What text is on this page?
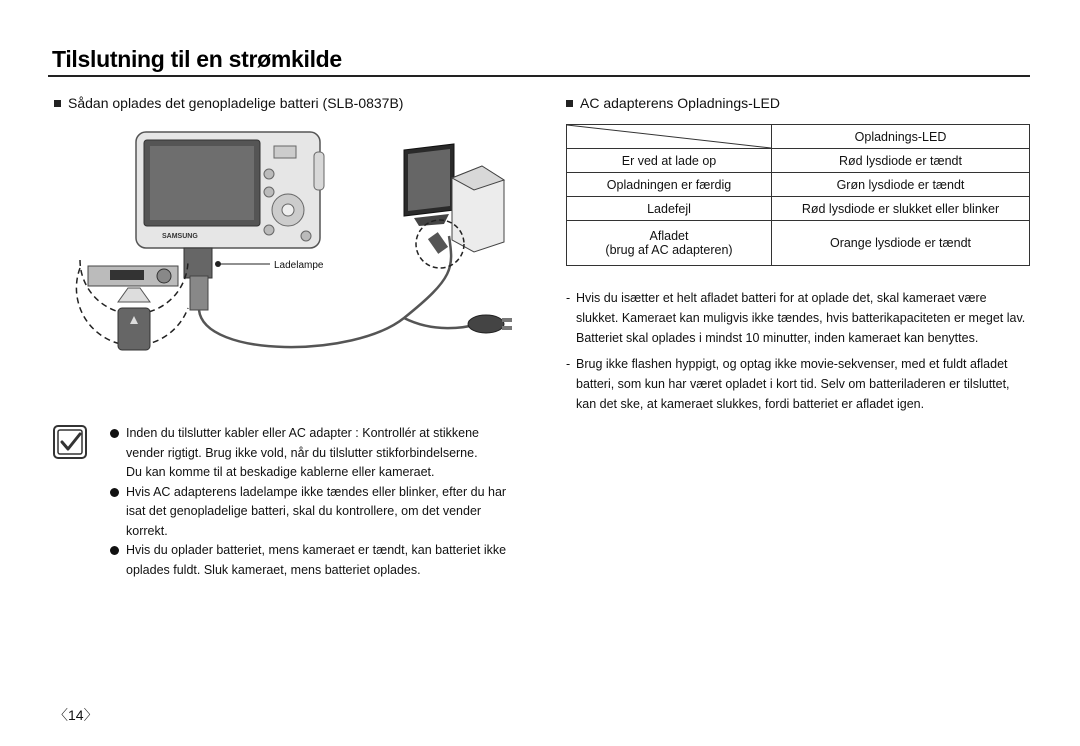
Tilslutning til en strømkilde
Sådan oplades det genopladelige batteri (SLB-0837B)
SAMSUNG
Ladelampe
AC adapterens Opladnings-LED
	Opladnings-LED
Er ved at lade op	Rød lysdiode er tændt
Opladningen er færdig	Grøn lysdiode er tændt
Ladefejl	Rød lysdiode er slukket eller blinker

Afladet
(brug af AC adapteren)	Orange lysdiode er tændt
- Hvis du isætter et helt afladet batteri for at oplade det, skal kameraet være slukket. Kameraet kan muligvis ikke tændes, hvis batterikapaciteten er meget lav. Batteriet skal oplades i mindst 10 minutter, inden kameraet kan benyttes.
- Brug ikke flashen hyppigt, og optag ikke movie-sekvenser, med et fuldt afladet batteri, som kun har været opladet i kort tid. Selv om batteriladeren er tilsluttet, kan det ske, at kameraet slukkes, fordi batteriet er afladet igen.
Inden du tilslutter kabler eller AC adapter : Kontrollér at stikkene vender rigtigt. Brug ikke vold, når du tilslutter stikforbindelserne.
Du kan komme til at beskadige kablerne eller kameraet.
Hvis AC adapterens ladelampe ikke tændes eller blinker, efter du har isat det genopladelige batteri, skal du kontrollere, om det vender korrekt.
Hvis du oplader batteriet, mens kameraet er tændt, kan batteriet ikke oplades fuldt. Sluk kameraet, mens batteriet oplades.
〈14〉
